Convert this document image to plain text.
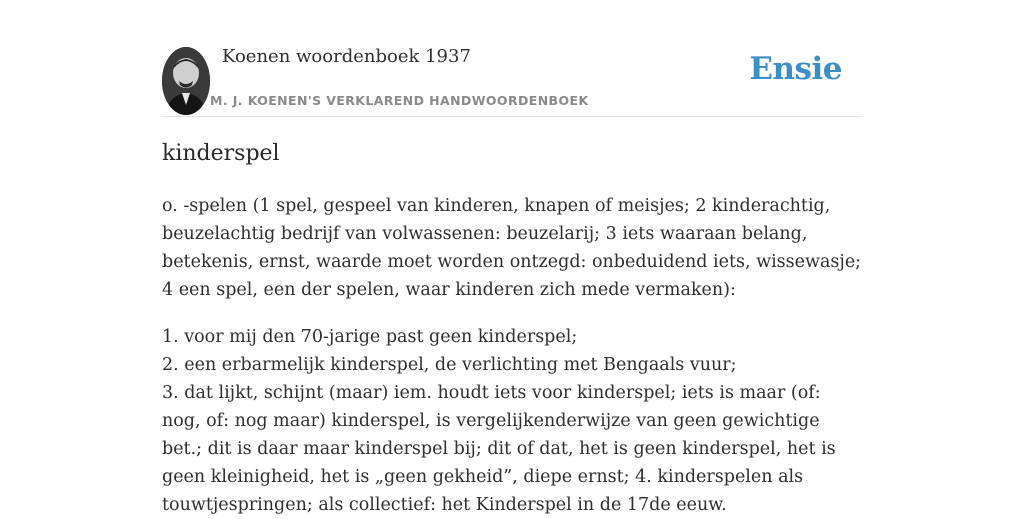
Koenen woordenboek 1937
M. J. KOENEN'S VERKLAREND HANDWOORDENBOEK
Ensie
kinderspel

o. -spelen (1 spel, gespeel van kinderen, knapen of meisjes; 2 kinderachtig, beuzelachtig bedrijf van volwassenen: beuzelarij; 3 iets waaraan belang, betekenis, ernst, waarde moet worden ontzegd: onbeduidend iets, wissewasje; 4 een spel, een der spelen, waar kinderen zich mede vermaken):

1. voor mij den 70-jarige past geen kinderspel;
2. een erbarmelijk kinderspel, de verlichting met Bengaals vuur;
3. dat lijkt, schijnt (maar) iem. houdt iets voor kinderspel; iets is maar (of: nog, of: nog maar) kinderspel, is vergelijkenderwijze van geen gewichtige bet.; dit is daar maar kinderspel bij; dit of dat, het is geen kinderspel, het is geen kleinigheid, het is „geen gekheid”, diepe ernst; 4. kinderspelen als touwtjespringen; als collectief: het Kinderspel in de 17de eeuw.
